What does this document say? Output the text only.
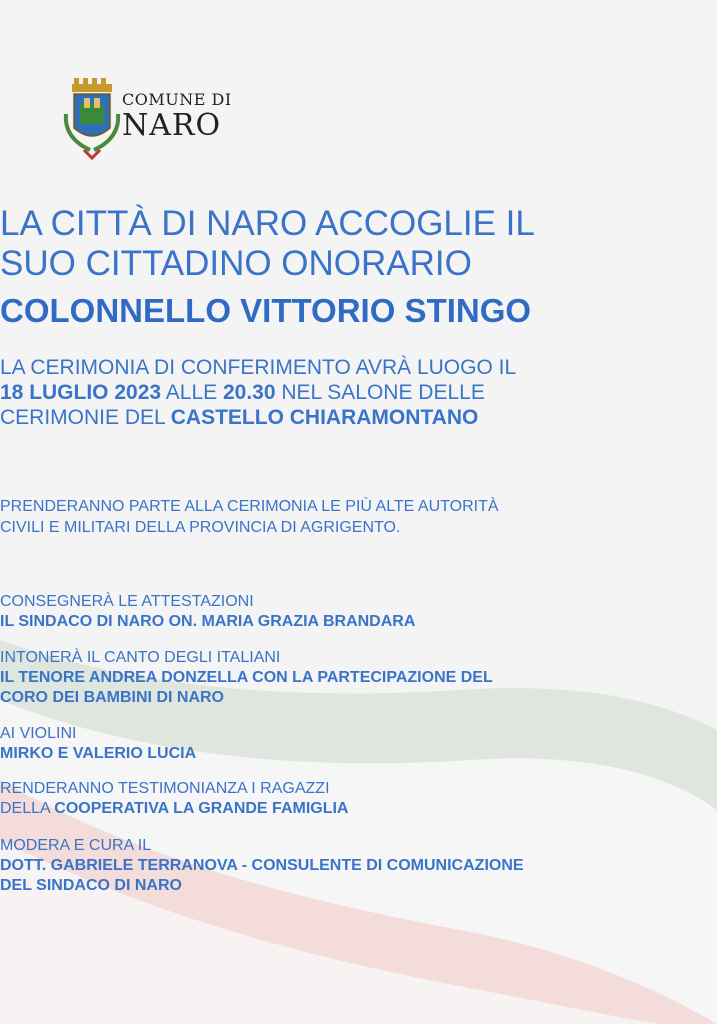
COMUNE DI
NARO
LA CITTÀ DI NARO ACCOGLIE IL
SUO CITTADINO ONORARIO
COLONNELLO VITTORIO STINGO
LA CERIMONIA DI CONFERIMENTO AVRÀ LUOGO IL
18 LUGLIO 2023 ALLE 20.30 NEL SALONE DELLE
CERIMONIE DEL CASTELLO CHIARAMONTANO
PRENDERANNO PARTE ALLA CERIMONIA LE PIÙ ALTE AUTORITÀ
CIVILI E MILITARI DELLA PROVINCIA DI AGRIGENTO.
CONSEGNERÀ LE ATTESTAZIONI
IL SINDACO DI NARO ON. MARIA GRAZIA BRANDARA
INTONERÀ IL CANTO DEGLI ITALIANI
IL TENORE ANDREA DONZELLA CON LA PARTECIPAZIONE DEL
CORO DEI BAMBINI DI NARO
AI VIOLINI
MIRKO E VALERIO LUCIA
RENDERANNO TESTIMONIANZA I RAGAZZI
DELLA COOPERATIVA LA GRANDE FAMIGLIA
MODERA E CURA IL
DOTT. GABRIELE TERRANOVA - CONSULENTE DI COMUNICAZIONE
DEL SINDACO DI NARO
